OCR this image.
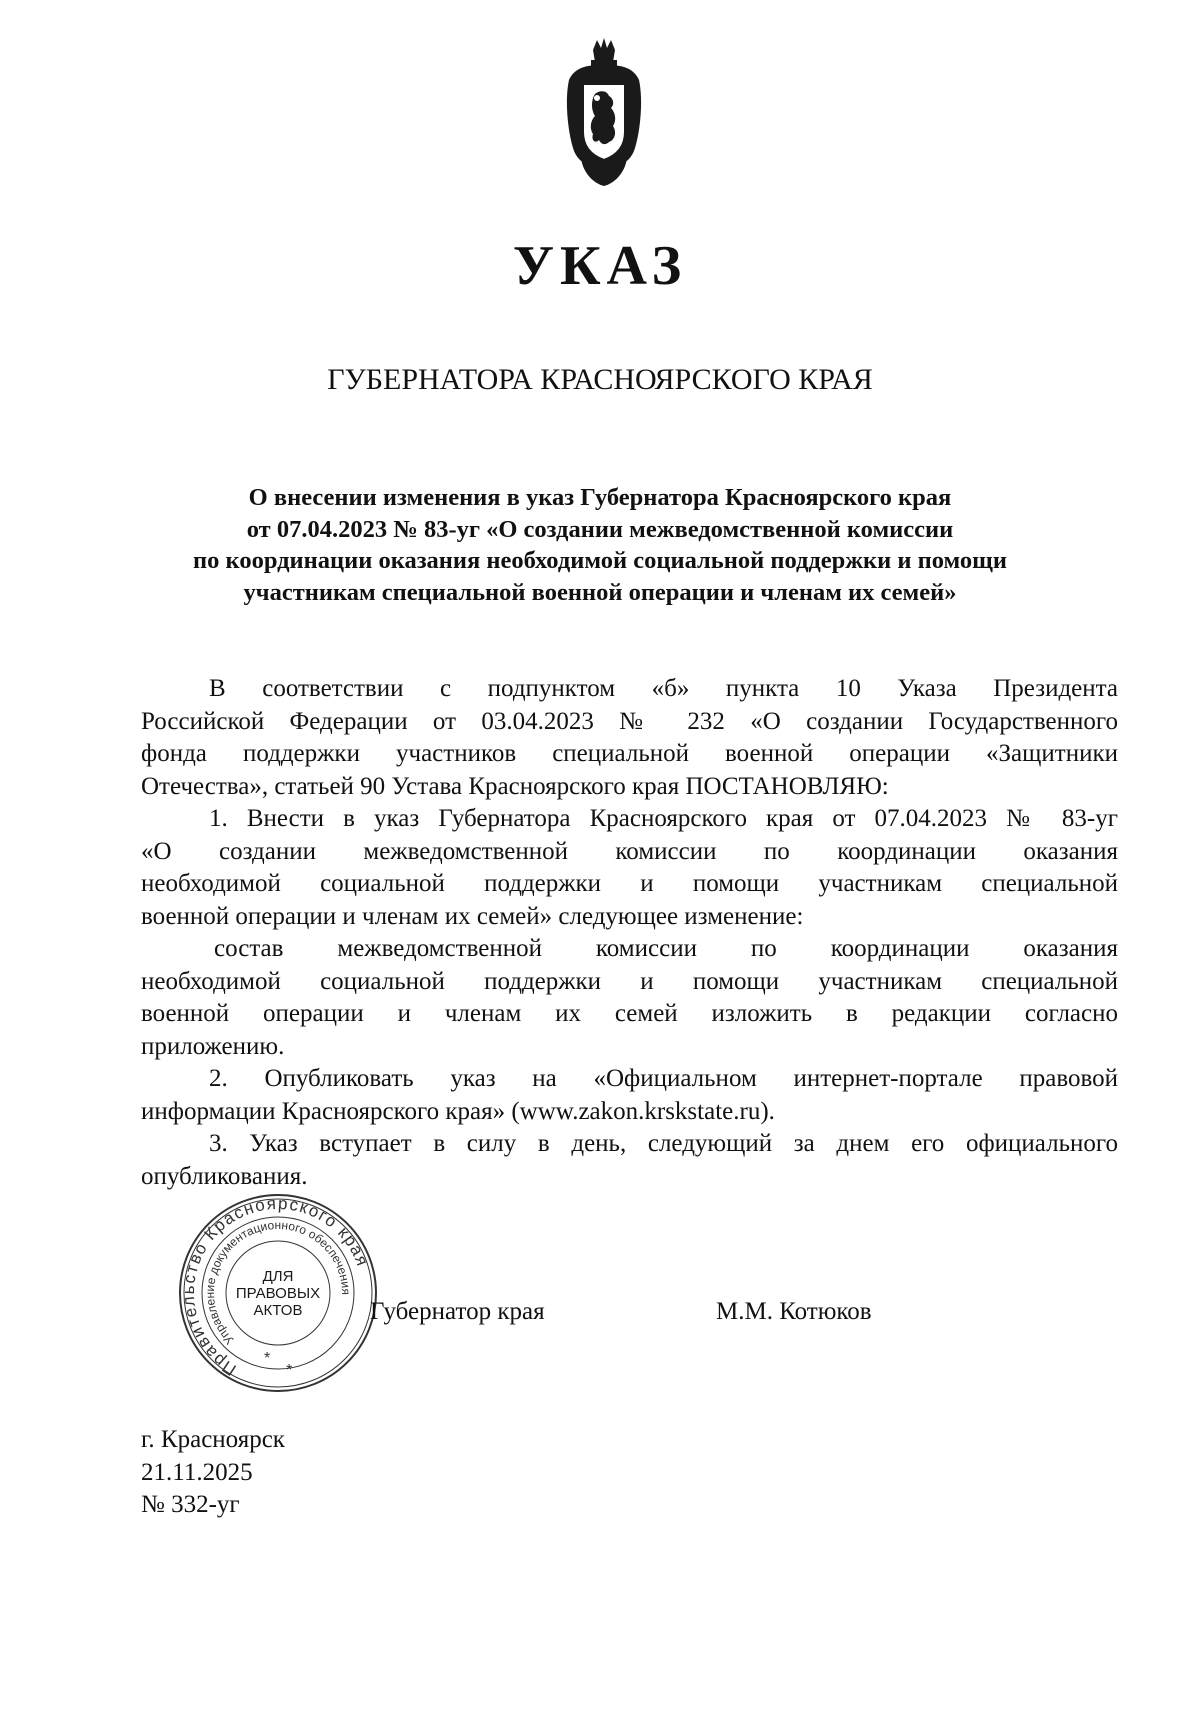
УКАЗ
ГУБЕРНАТОРА КРАСНОЯРСКОГО КРАЯ
О внесении изменения в указ Губернатора Красноярского края
от 07.04.2023 № 83-уг «О создании межведомственной комиссии
по координации оказания необходимой социальной поддержки и помощи
участникам специальной военной операции и членам их семей»
В соответствии с подпунктом «б» пункта 10 Указа Президента
Российской Федерации от 03.04.2023 № 232 «О создании Государственного
фонда поддержки участников специальной военной операции «Защитники
Отечества», статьей 90 Устава Красноярского края ПОСТАНОВЛЯЮ:
1. Внести в указ Губернатора Красноярского края от 07.04.2023 № 83-уг
«О создании межведомственной комиссии по координации оказания
необходимой социальной поддержки и помощи участникам специальной
военной операции и членам их семей» следующее изменение:
состав межведомственной комиссии по координации оказания
необходимой социальной поддержки и помощи участникам специальной
военной операции и членам их семей изложить в редакции согласно
приложению.
2. Опубликовать указ на «Официальном интернет-портале правовой
информации Красноярского края» (www.zakon.krskstate.ru).
3. Указ вступает в силу в день, следующий за днем его официального
опубликования.
Правительство Красноярского края
Управление документационного обеспечения
*
*
ДЛЯ
ПРАВОВЫХ
АКТОВ	Губернатор края	М.М. Котюков
г. Красноярск
21.11.2025
№ 332-уг
